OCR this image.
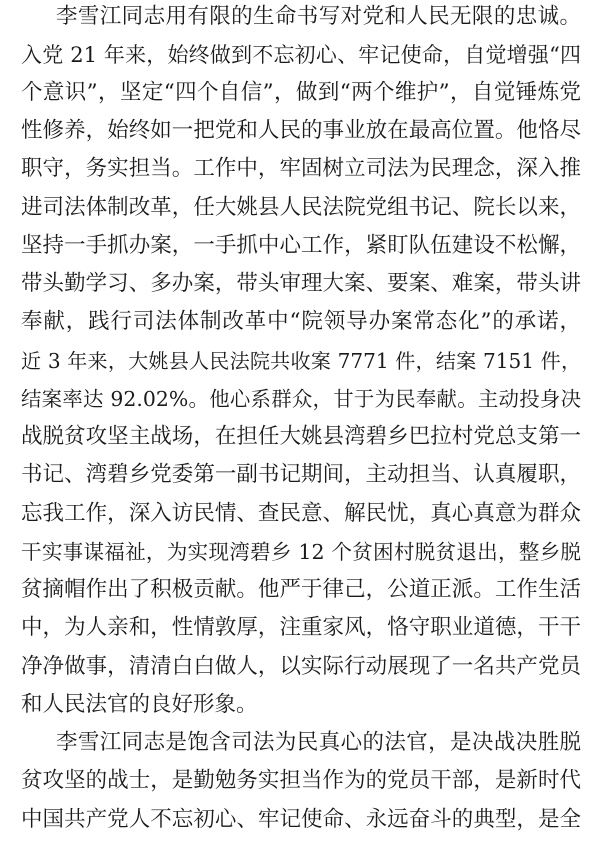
李雪江同志用有限的生命书写对党和人民无限的忠诚。
入党 21 年来，始终做到不忘初心、牢记使命，自觉增强“四
个意识”，坚定“四个自信”，做到“两个维护”，自觉锤炼党
性修养，始终如一把党和人民的事业放在最高位置。他恪尽
职守，务实担当。工作中，牢固树立司法为民理念，深入推
进司法体制改革，任大姚县人民法院党组书记、院长以来，
坚持一手抓办案，一手抓中心工作，紧盯队伍建设不松懈，
带头勤学习、多办案，带头审理大案、要案、难案，带头讲
奉献，践行司法体制改革中“院领导办案常态化”的承诺，
近 3 年来，大姚县人民法院共收案 7771 件，结案 7151 件，
结案率达 92.02%。他心系群众，甘于为民奉献。主动投身决
战脱贫攻坚主战场，在担任大姚县湾碧乡巴拉村党总支第一
书记、湾碧乡党委第一副书记期间，主动担当、认真履职，
忘我工作，深入访民情、查民意、解民忧，真心真意为群众
干实事谋福祉，为实现湾碧乡 12 个贫困村脱贫退出，整乡脱
贫摘帽作出了积极贡献。他严于律己，公道正派。工作生活
中，为人亲和，性情敦厚，注重家风，恪守职业道德，干干
净净做事，清清白白做人，以实际行动展现了一名共产党员
和人民法官的良好形象。
李雪江同志是饱含司法为民真心的法官，是决战决胜脱
贫攻坚的战士，是勤勉务实担当作为的党员干部，是新时代
中国共产党人不忘初心、牢记使命、永远奋斗的典型，是全
